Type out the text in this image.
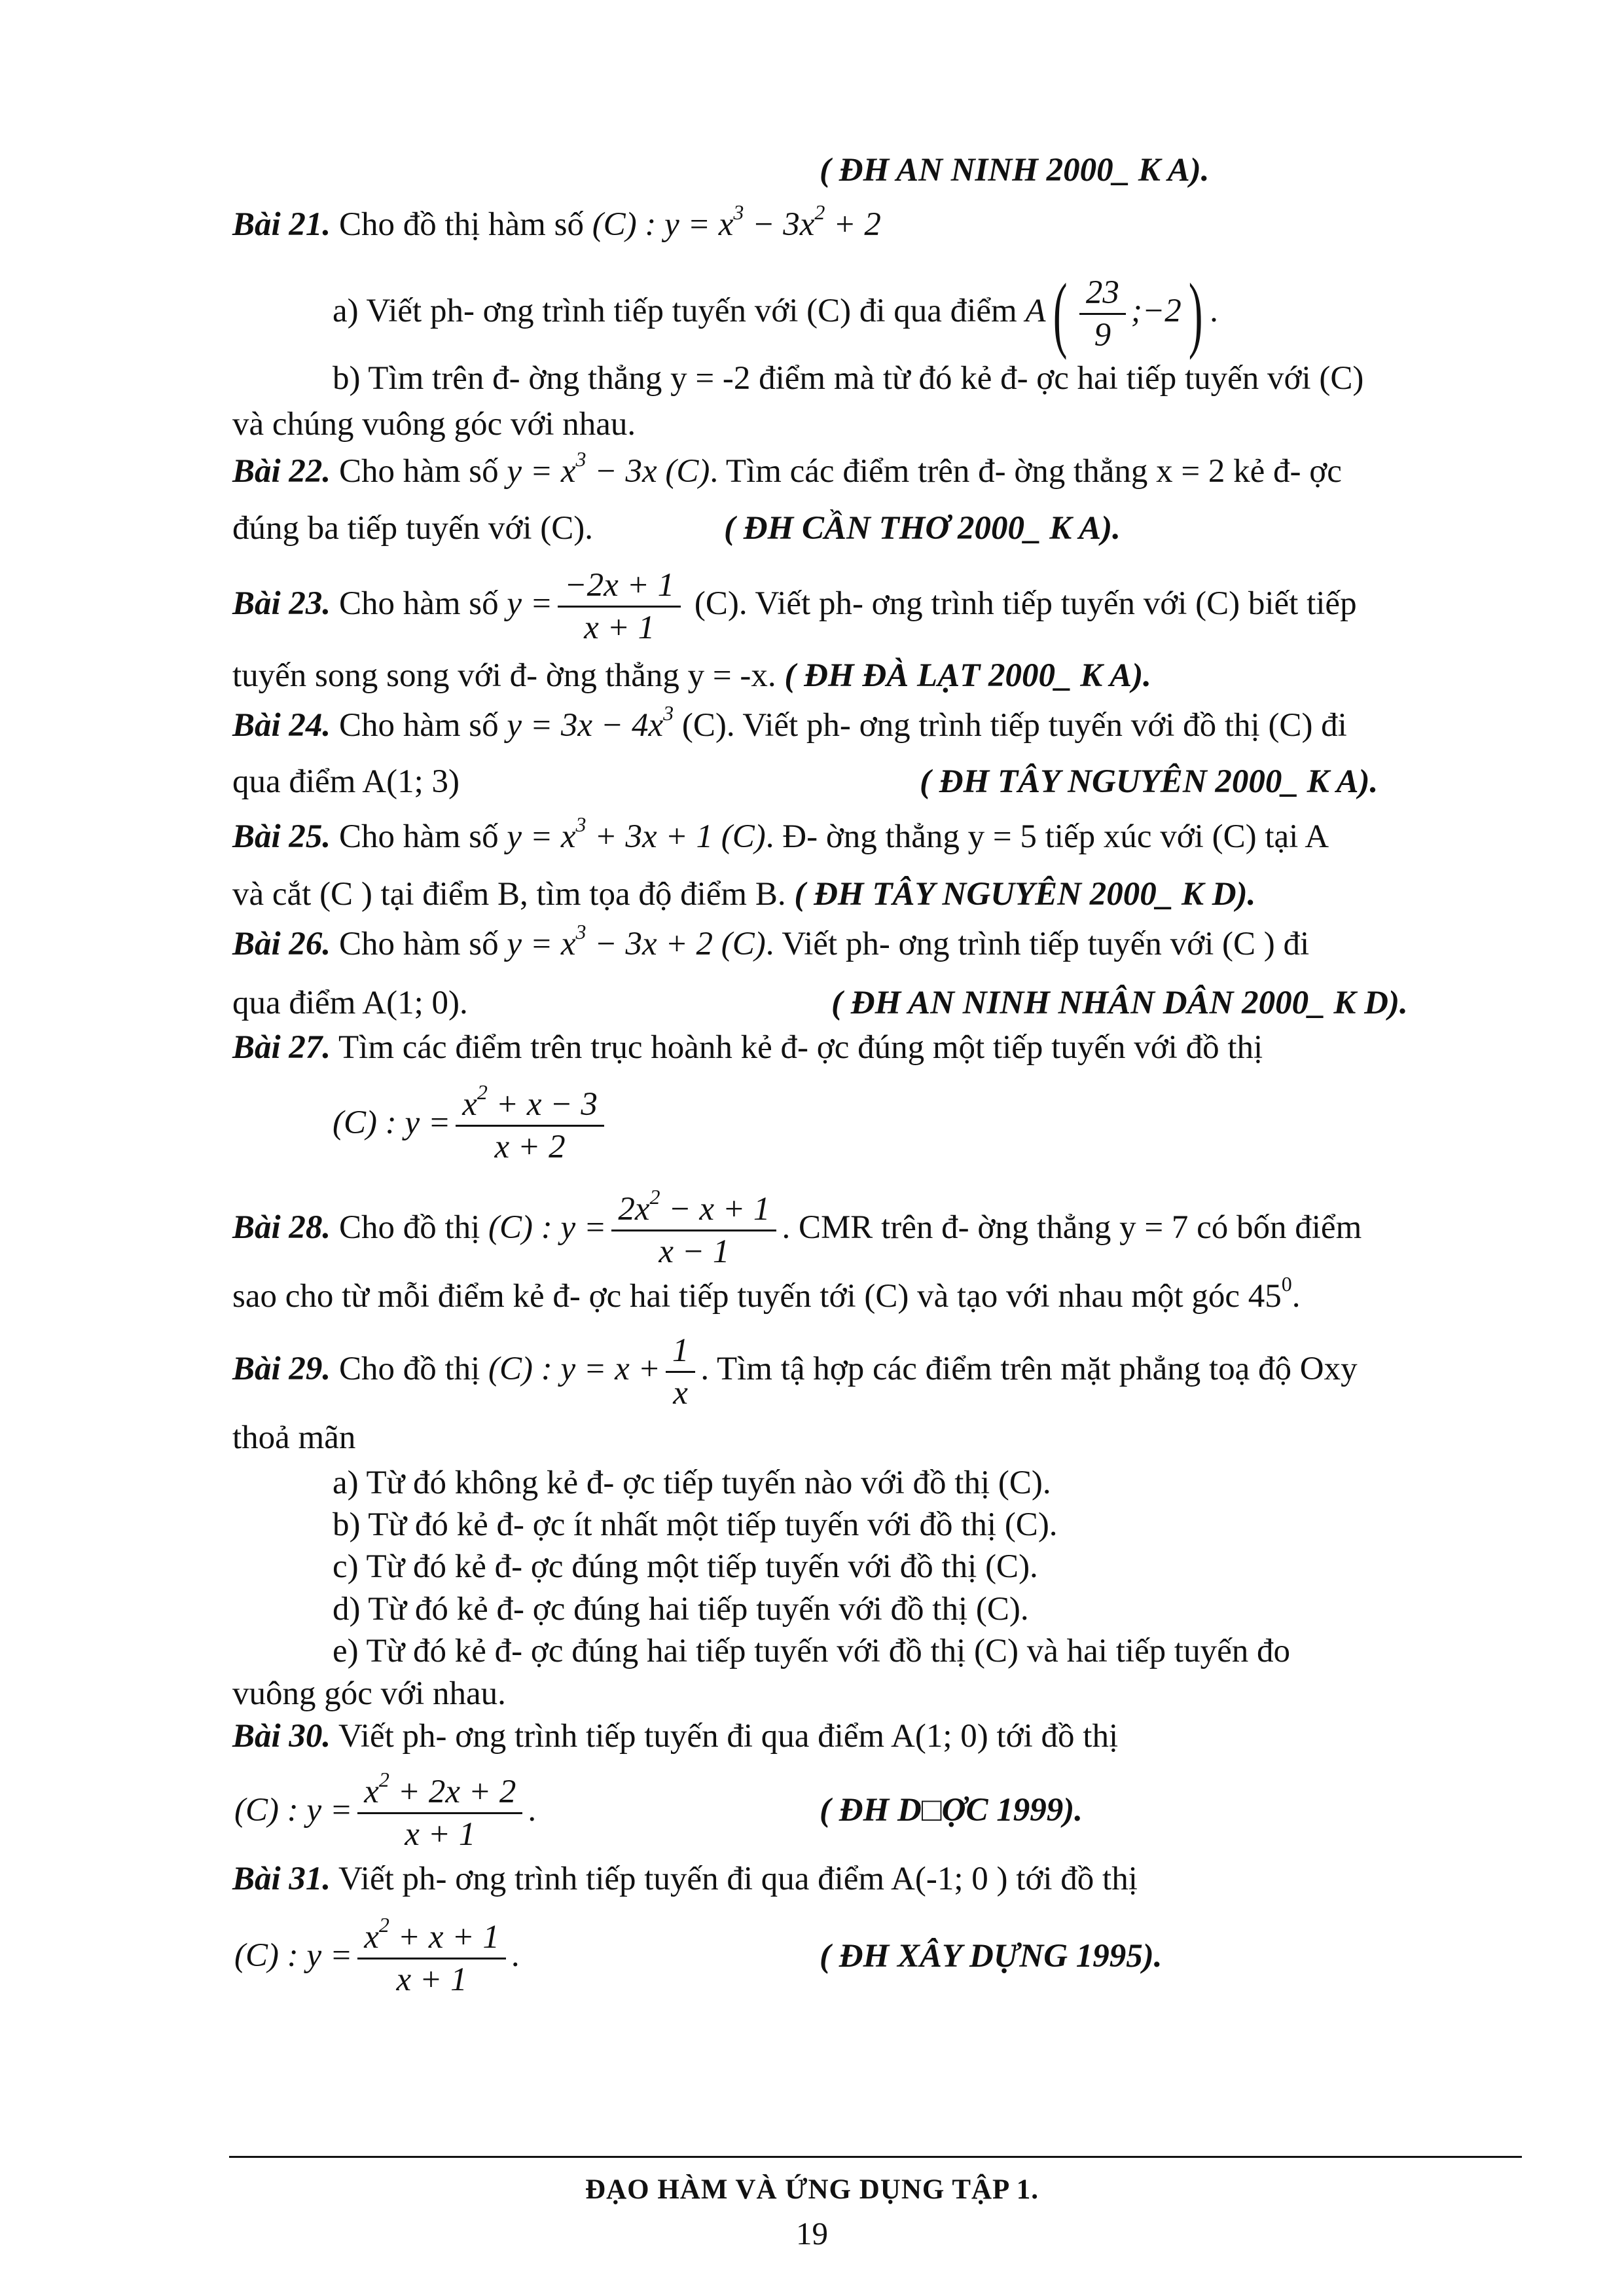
( ĐH AN NINH 2000_ K A).
Bài 21. Cho đồ thị hàm số (C) : $y = x^3 - 3x^2 + 2$
a) Viết ph- ơng trình tiếp tuyến với (C) đi qua điểm $A( \frac{23}{9}$ ;−2) .
b) Tìm trên đ- ờng thẳng y = -2 điểm mà từ đó kẻ đ- ợc hai tiếp tuyến với (C)
và chúng vuông góc với nhau.
Bài 22. Cho hàm số $y = x^3 - 3x$ (C). Tìm các điểm trên đ- ờng thẳng x = 2 kẻ đ- ợc
đúng ba tiếp tuyến với (C).	( ĐH CẦN THƠ 2000_ K A).
Bài 23. Cho hàm số $y = \frac{-2x + 1}{x + 1} (C)$. Viết ph- ơng trình tiếp tuyến với (C) biết tiếp
tuyến song song với đ- ờng thẳng y = -x. ( ĐH ĐÀ LẠT 2000_ K A).
Bài 24. Cho hàm số $y = 3x - 4x^3$ (C). Viết ph- ơng trình tiếp tuyến với đồ thị (C) đi
qua điểm A(1; 3)	( ĐH TÂY NGUYÊN 2000_ K A).
Bài 25. Cho hàm số $y = x^3 + 3x + 1$ (C). Đ- ờng thẳng y = 5 tiếp xúc với (C) tại A
và cắt (C ) tại điểm B, tìm tọa độ điểm B. ( ĐH TÂY NGUYÊN 2000_ K D).
Bài 26. Cho hàm số $y = x^3 - 3x + 2$ (C). Viết ph- ơng trình tiếp tuyến với (C ) đi
qua điểm A(1; 0).	( ĐH AN NINH NHÂN DÂN 2000_ K D).
Bài 27. Tìm các điểm trên trục hoành kẻ đ- ợc đúng một tiếp tuyến với đồ thị
(C) : $y = \frac{x^2 + x - 3}{x + 2}$
Bài 28. Cho đồ thị (C) : $y = \frac{2x^2 - x + 1}{x - 1}$ . CMR trên đ- ờng thẳng y = 7 có bốn điểm
sao cho từ mỗi điểm kẻ đ- ợc hai tiếp tuyến tới (C) và tạo với nhau một góc $45^0$.
Bài 29. Cho đồ thị (C) : $y = x + \frac{1}{x}$ . Tìm tậ hợp các điểm trên mặt phẳng toạ độ Oxy
thoả mãn
a) Từ đó không kẻ đ- ợc tiếp tuyến nào với đồ thị (C).
b) Từ đó kẻ đ- ợc ít nhất một tiếp tuyến với đồ thị (C).
c) Từ đó kẻ đ- ợc đúng một tiếp tuyến với đồ thị (C).
d) Từ đó kẻ đ- ợc đúng hai tiếp tuyến với đồ thị (C).
e) Từ đó kẻ đ- ợc đúng hai tiếp tuyến với đồ thị (C) và hai tiếp tuyến đo
vuông góc với nhau.
Bài 30. Viết ph- ơng trình tiếp tuyến đi qua điểm A(1; 0) tới đồ thị
(C) : $y = \frac{x^2 + 2x + 2}{x + 1}$ .	( ĐH D□ỢC 1999).
Bài 31. Viết ph- ơng trình tiếp tuyến đi qua điểm A(-1; 0 ) tới đồ thị
(C) : $y = \frac{x^2 + x + 1}{x + 1}$ .	( ĐH XÂY DỰNG 1995).
ĐẠO HÀM VÀ ỨNG DỤNG TẬP 1.
19
